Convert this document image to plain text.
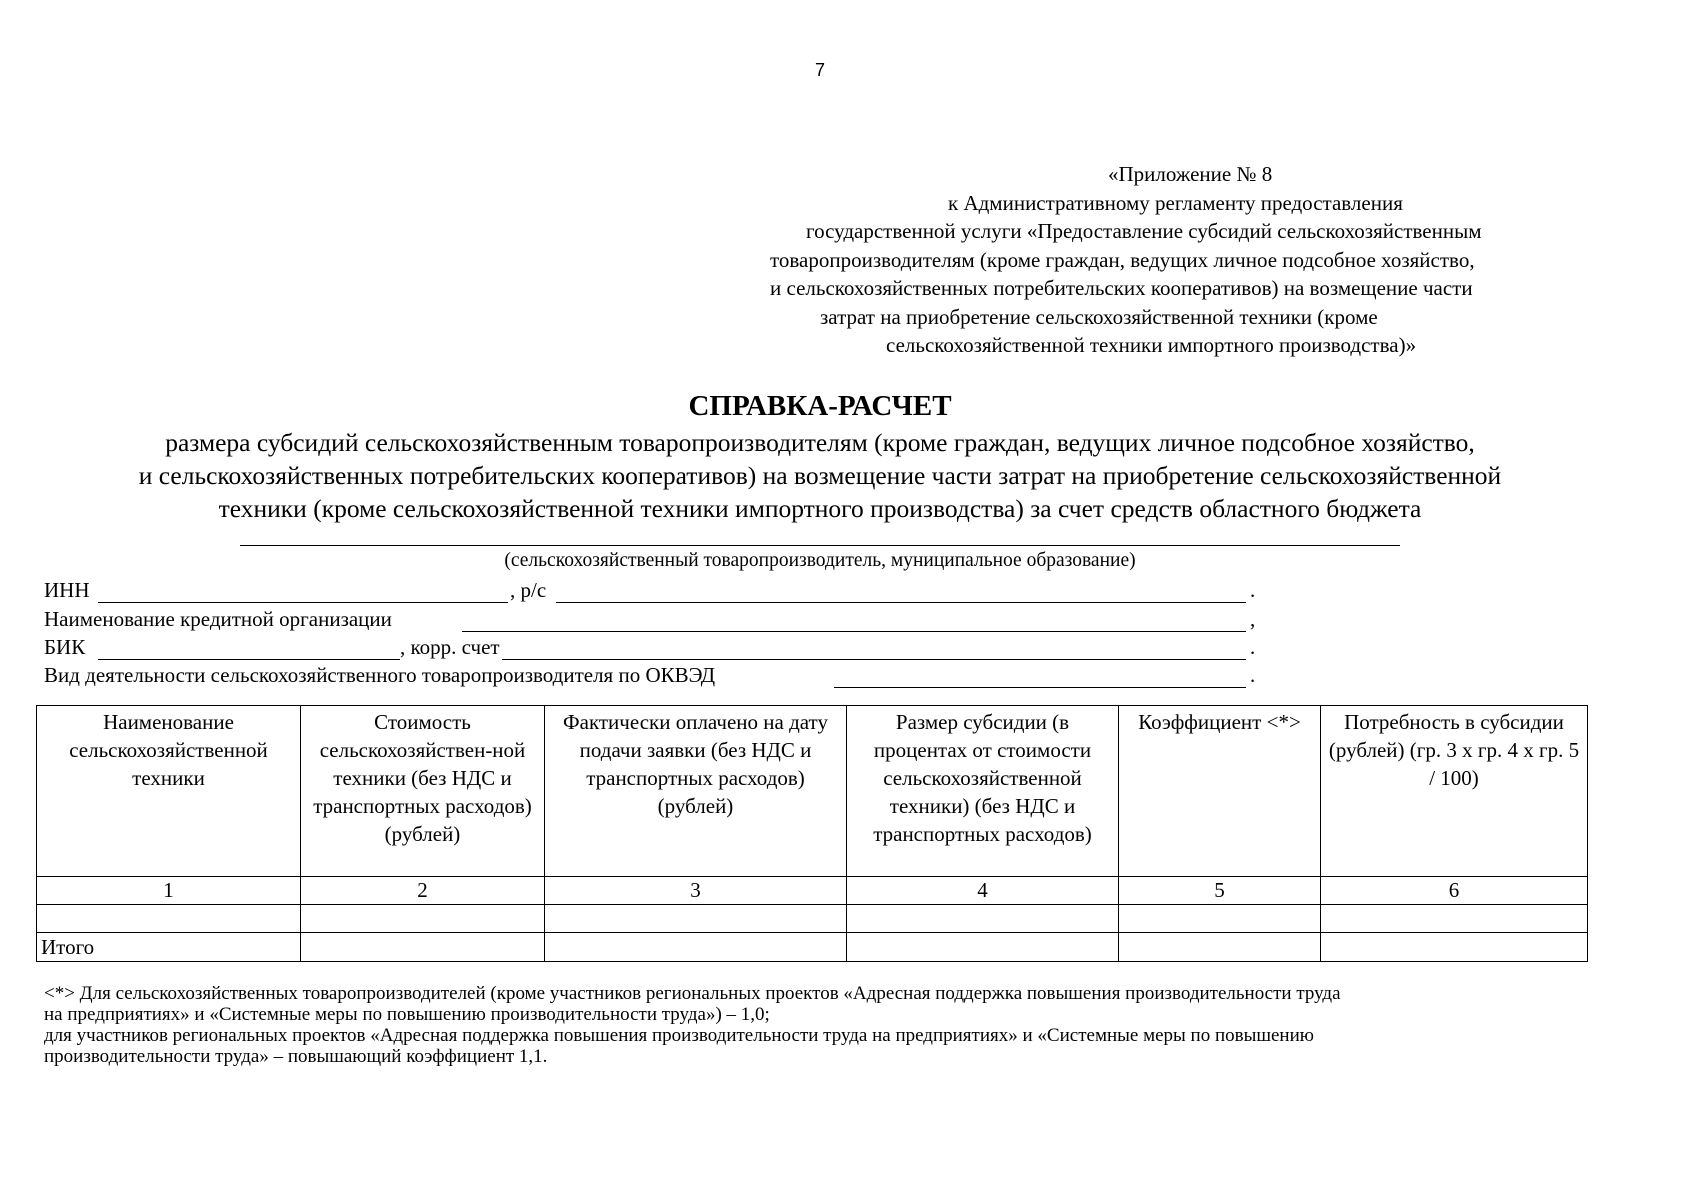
7
«Приложение № 8
к Административному регламенту предоставления
государственной услуги «Предоставление субсидий сельскохозяйственным
товаропроизводителям (кроме граждан, ведущих личное подсобное хозяйство,
и сельскохозяйственных потребительских кооперативов) на возмещение части
затрат на приобретение сельскохозяйственной техники (кроме
сельскохозяйственной техники импортного производства)»
СПРАВКА-РАСЧЕТ
размера субсидий сельскохозяйственным товаропроизводителям (кроме граждан, ведущих личное подсобное хозяйство,
и сельскохозяйственных потребительских кооперативов) на возмещение части затрат на приобретение сельскохозяйственной
техники (кроме сельскохозяйственной техники импортного производства) за счет средств областного бюджета
(сельскохозяйственный товаропроизводитель, муниципальное образование)
ИНН	, р/с	.
Наименование кредитной организации	,
БИК	, корр. счет	.
Вид деятельности сельскохозяйственного товаропроизводителя по ОКВЭД	.
Наименование сельскохозяйственной техники	Стоимость сельскохозяйствен-ной техники (без НДС и транспортных расходов) (рублей)	Фактически оплачено на дату подачи заявки (без НДС и транспортных расходов) (рублей)	Размер субсидии (в процентах от стоимости сельскохозяйственной техники) (без НДС и транспортных расходов)	Коэффициент <*>	Потребность в субсидии (рублей) (гр. 3 х гр. 4 х гр. 5 / 100)
1	2	3	4	5	6

Итого					
<*> Для сельскохозяйственных товаропроизводителей (кроме участников региональных проектов «Адресная поддержка повышения производительности труда
на предприятиях» и «Системные меры по повышению производительности труда») – 1,0;
для участников региональных проектов «Адресная поддержка повышения производительности труда на предприятиях» и «Системные меры по повышению
производительности труда» – повышающий коэффициент 1,1.
